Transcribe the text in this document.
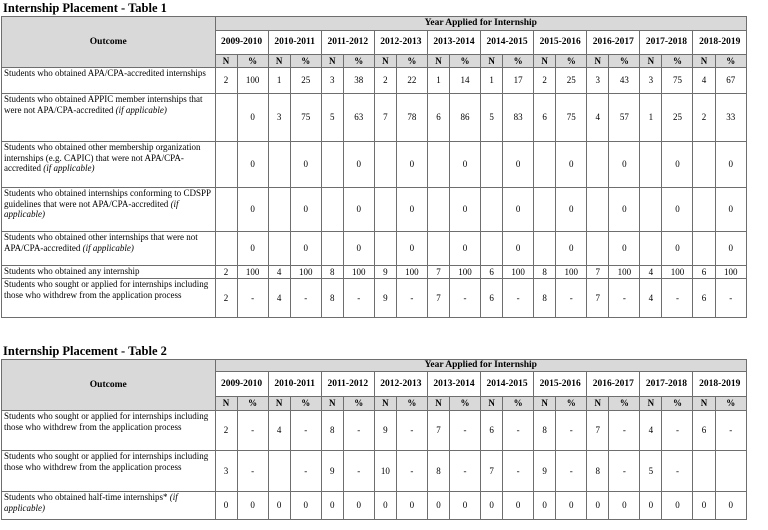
Internship Placement - Table 1
Outcome	Year Applied for Internship																			
	2009-2010		2010-2011		2011-2012		2012-2013		2013-2014		2014-2015		2015-2016		2016-2017		2017-2018		2018-2019	
	N	%	N	%	N	%	N	%	N	%	N	%	N	%	N	%	N	%	N	%
Students who obtained APA/CPA-accredited internships	2	100	1	25	3	38	2	22	1	14	1	17	2	25	3	43	3	75	4	67
Students who obtained APPIC member internships that were not APA/CPA-accredited (if applicable)		0	3	75	5	63	7	78	6	86	5	83	6	75	4	57	1	25	2	33
Students who obtained other membership organization internships (e.g. CAPIC) that were not APA/CPA-accredited (if applicable)		0		0		0		0		0		0		0		0		0		0
Students who obtained internships conforming to CDSPP guidelines that were not APA/CPA-accredited (if applicable)		0		0		0		0		0		0		0		0		0		0
Students who obtained other internships that were not APA/CPA-accredited (if applicable)		0		0		0		0		0		0		0		0		0		0
Students who obtained any internship	2	100	4	100	8	100	9	100	7	100	6	100	8	100	7	100	4	100	6	100
Students who sought or applied for internships including those who withdrew from the application process	2	-	4	-	8	-	9	-	7	-	6	-	8	-	7	-	4	-	6	-
Internship Placement - Table 2
Outcome	Year Applied for Internship																			
	2009-2010		2010-2011		2011-2012		2012-2013		2013-2014		2014-2015		2015-2016		2016-2017		2017-2018		2018-2019	
	N	%	N	%	N	%	N	%	N	%	N	%	N	%	N	%	N	%	N	%
Students who sought or applied for internships including those who withdrew from the application process	2	-	4	-	8	-	9	-	7	-	6	-	8	-	7	-	4	-	6	-
Students who sought or applied for internships including those who withdrew from the application process	3	-		-	9	-	10	-	8	-	7	-	9	-	8	-	5	-		
Students who obtained half-time internships* (if applicable)	0	0	0	0	0	0	0	0	0	0	0	0	0	0	0	0	0	0	0	0
